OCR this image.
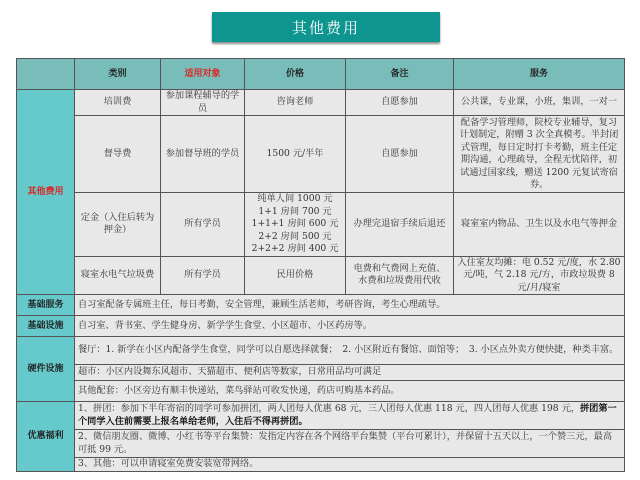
其他费用
	类别	适用对象	价格	备注	服务
其他费用	培训费	参加课程辅导的学员	咨询老师	自愿参加	公共课，专业课，小班，集训，一对一
	督导费	参加督导班的学员	1500 元/半年	自愿参加	配备学习管理师，院校专业辅导，复习计划制定，附赠 3 次全真模考。半封闭式管理，每日定时打卡考勤，班主任定期沟通，心理疏导，全程无忧陪伴，初试通过国家线，赠送 1200 元复试寄宿券。
	定金（入住后转为押金）	所有学员	纯单人间 1000 元
1+1 房间 700 元
1+1+1 房间 600 元
2+2 房间 500 元
2+2+2 房间 400 元	办理完退宿手续后退还	寝室室内物品、卫生以及水电气等押金
	寝室水电气垃圾费	所有学员	民用价格	电费和气费网上充值、水费和垃圾费用代收	入住室友均摊：电 0.52 元/度，水 2.80 元/吨，气 2.18 元/方，市政垃圾费 8 元/月/寝室
基础服务	自习室配备专属班主任，每日考勤，安全管理，兼顾生活老师，考研咨询，考生心理疏导。				
基础设施	自习室、背书室、学生健身房、新学学生食堂、小区超市、小区药房等。				
硬件设施	餐厅：1. 新学在小区内配备学生食堂，同学可以自愿选择就餐；　2. 小区附近有餐馆、面馆等；　3. 小区点外卖方便快捷，种类丰富。				
	超市：小区内设舞东风超市、天猫超市、便利店等数家，日常用品均可满足				
	其他配套：小区旁边有顺丰快递站，菜鸟驿站可收发快递，药店可购基本药品。				
优惠福利	1、拼团：参加下半年寄宿的同学可参加拼团，两人团每人优惠 68 元，三人团每人优惠 118 元，四人团每人优惠 198 元，拼团第一个同学入住前需要上报名单给老师，入住后不得再拼团。				
	2、微信朋友圈、微博、小红书等平台集赞：发指定内容在各个网络平台集赞（平台可累计），并保留十五天以上，一个赞三元，最高可抵 99 元。				
	3、其他：可以申请寝室免费安装宽带网络。				
